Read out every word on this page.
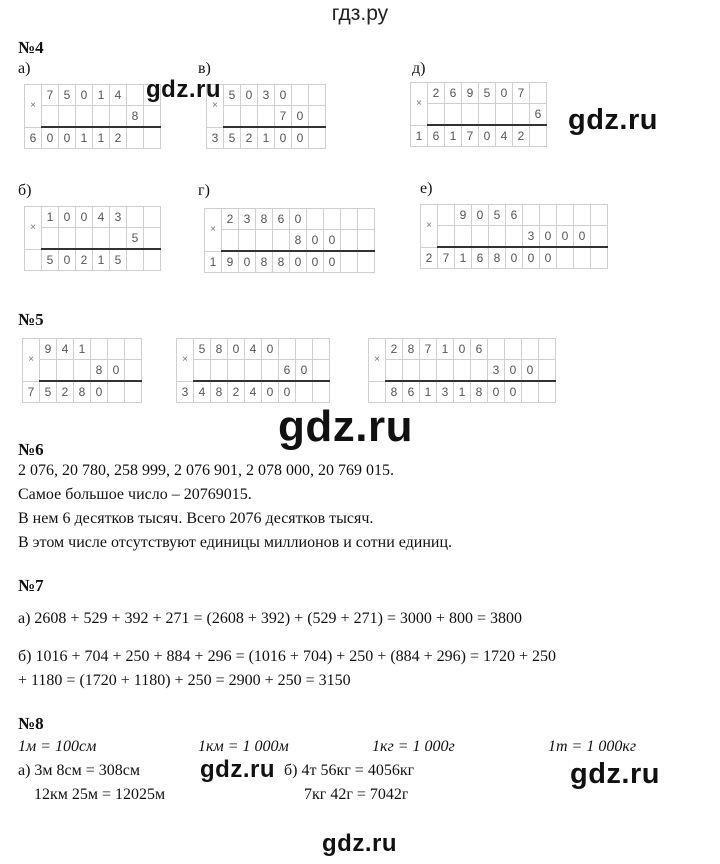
гдз.ру
№4
а)
×	7	5	0	1	4		
						8	
6	0	0	1	1	2		
в)
×	5	0	3	0		
				7	0	
3	5	2	1	0	0	
д)
×	2	6	9	5	0	7	
							6
1	6	1	7	0	4	2	
б)
×	1	0	0	4	3		
						5	
	5	0	2	1	5		
г)
×	2	3	8	6	0				
					8	0	0		
1	9	0	8	8	0	0	0		
е)
×		9	0	5	6					
						3	0	0	0	
2	7	1	6	8	0	0	0			
№5
×	9	4	1			
				8	0	
7	5	2	8	0		
×	5	8	0	4	0			
						6	0	
3	4	8	2	4	0	0		
×	2	8	7	1	0	6				
							3	0	0	
	8	6	1	3	1	8	0	0		
№6
2 076, 20 780, 258 999, 2 076 901, 2 078 000, 20 769 015.
Самое большое число – 20769015.
В нем 6 десятков тысяч. Всего 2076 десятков тысяч.
В этом числе отсутствуют единицы миллионов и сотни единиц.
№7
а) 2608 + 529 + 392 + 271 = (2608 + 392) + (529 + 271) = 3000 + 800 = 3800
б) 1016 + 704 + 250 + 884 + 296 = (1016 + 704) + 250 + (884 + 296) = 1720 + 250
+ 1180 = (1720 + 1180) + 250 = 2900 + 250 = 3150
№8
1м = 100см	1км = 1 000м	1кг = 1 000г	1т = 1 000кг
а) 3м 8см = 308см
12км 25м = 12025м
б) 4т 56кг = 4056кг
7кг 42г = 7042г
gdz.ru
gdz.ru
gdz.ru
gdz.ru	gdz.ru
gdz.ru
